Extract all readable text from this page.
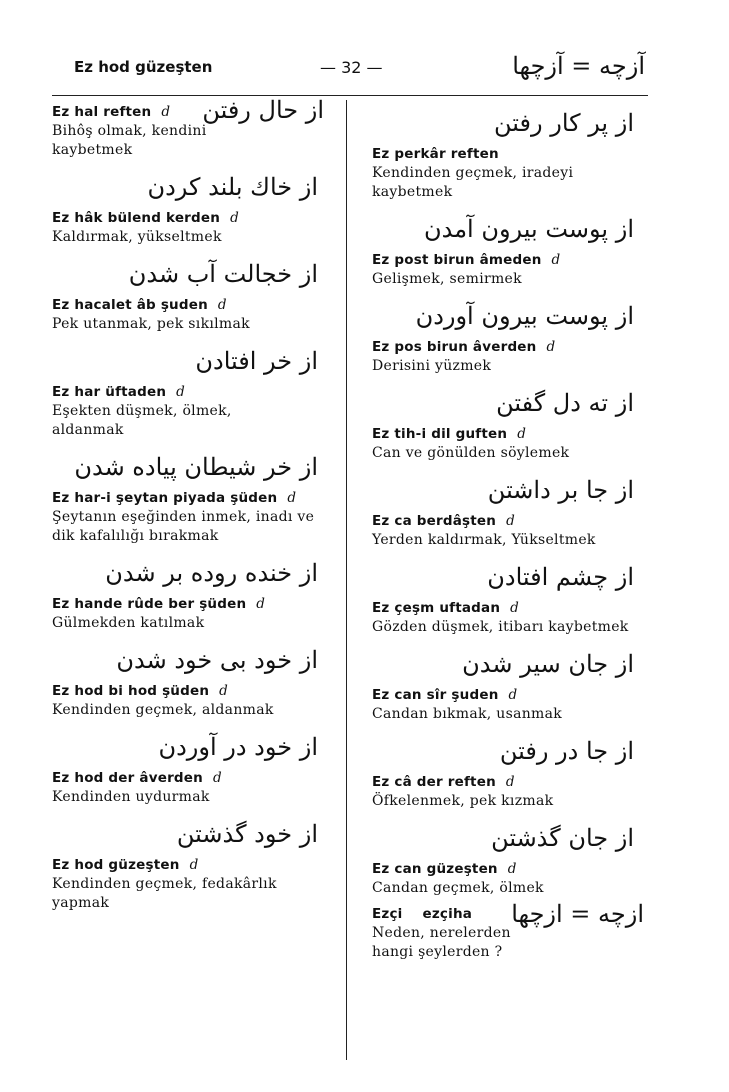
Ez hod güzeşten	— 32 —	آزچه = آزچها
از حال رفتن
Ez hal reften d
Bihôş olmak, kendini kaybetmek
از خاك بلند كردن
Ez hâk bülend kerden d
Kaldırmak, yükseltmek
از خجالت آب شدن
Ez hacalet âb şuden d
Pek utanmak, pek sıkılmak
از خر افتادن
Ez har üftaden d
Eşekten düşmek, ölmek, aldanmak
از خر شيطان پياده شدن
Ez har-i şeytan piyada şüden d
Şeytanın eşeğinden inmek, inadı ve dik kafalılığı bırakmak
از خنده روده بر شدن
Ez hande rûde ber şüden d
Gülmekden katılmak
از خود بى خود شدن
Ez hod bi hod şüden d
Kendinden geçmek, aldanmak
از خود در آوردن
Ez hod der âverden d
Kendinden uydurmak
از خود گذشتن
Ez hod güzeşten d
Kendinden geçmek, fedakârlık yapmak
از پر كار رفتن
Ez perkâr reften
Kendinden geçmek, iradeyi kaybetmek
از پوست بيرون آمدن
Ez post birun âmeden d
Gelişmek, semirmek
از پوست بيرون آوردن
Ez pos birun âverden d
Derisini yüzmek
از ته دل گفتن
Ez tih-i dil guften d
Can ve gönülden söylemek
از جا بر داشتن
Ez ca berdâşten d
Yerden kaldırmak, Yükseltmek
از چشم افتادن
Ez çeşm uftadan d
Gözden düşmek, itibarı kaybetmek
از جان سير شدن
Ez can sîr şuden d
Candan bıkmak, usanmak
از جا در رفتن
Ez câ der reften d
Öfkelenmek, pek kızmak
از جان گذشتن
Ez can güzeşten d
Candan geçmek, ölmek
ازچه = ازچها
Ezçi ezçiha
Neden, nerelerden hangi şeylerden ?
